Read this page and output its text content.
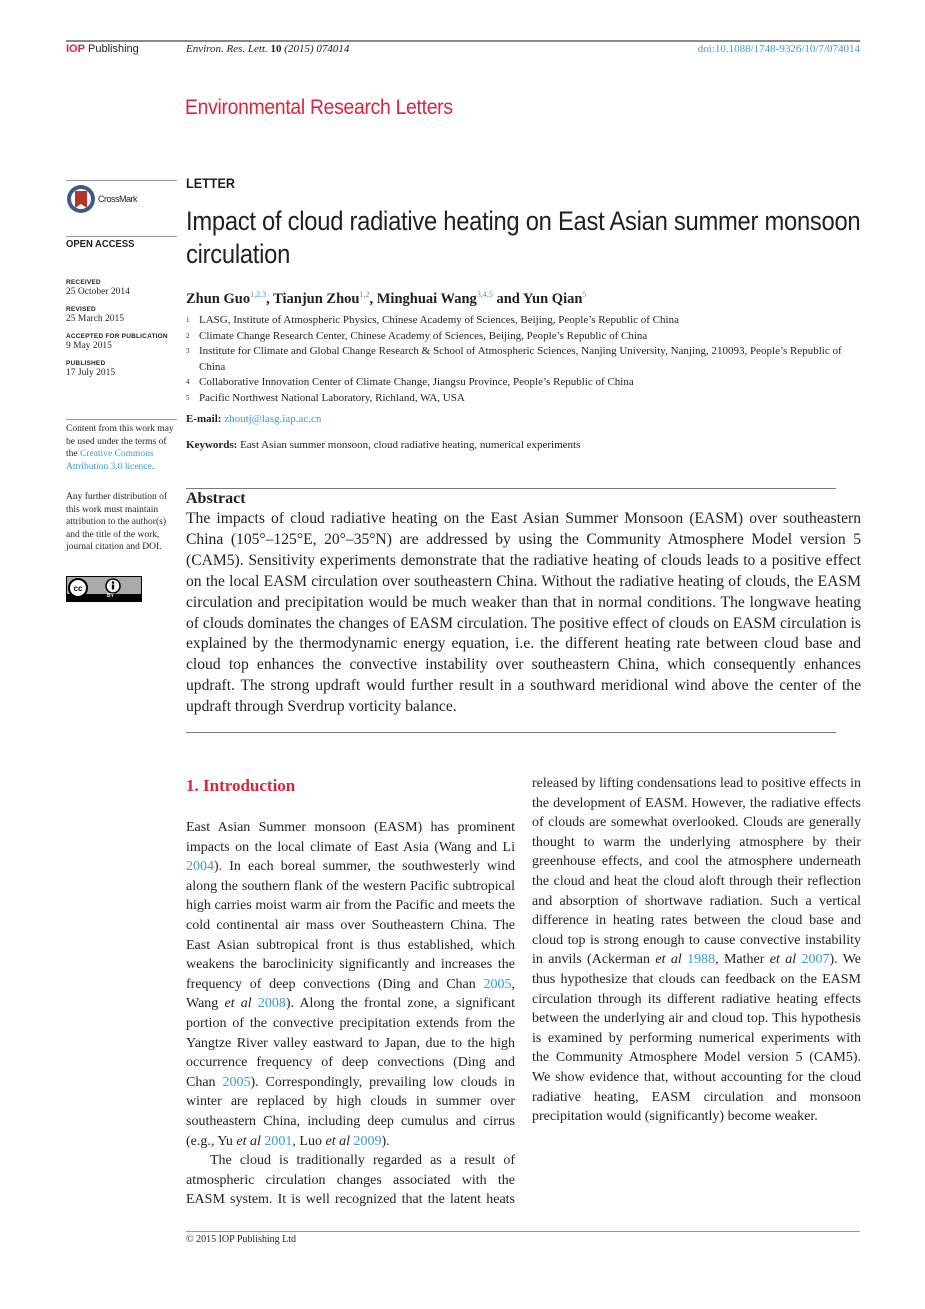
IOP Publishing	Environ. Res. Lett. 10 (2015) 074014	doi:10.1088/1748-9326/10/7/074014
Environmental Research Letters
CrossMark
OPEN ACCESS
RECEIVED
25 October 2014
REVISED
25 March 2015
ACCEPTED FOR PUBLICATION
9 May 2015
PUBLISHED
17 July 2015
Content from this work may be used under the terms of the Creative Commons Attribution 3.0 licence.
Any further distribution of this work must maintain attribution to the author(s) and the title of the work, journal citation and DOI.
cc
BY
LETTER
Impact of cloud radiative heating on East Asian summer monsoon circulation
Zhun Guo$^{1,2,3}$, Tianjun Zhou$^{1,2}$, Minghuai Wang$^{3,4,5}$ and Yun Qian$^5$
1 LASG, Institute of Atmospheric Physics, Chinese Academy of Sciences, Beijing, People’s Republic of China
2 Climate Change Research Center, Chinese Academy of Sciences, Beijing, People’s Republic of China
3 Institute for Climate and Global Change Research & School of Atmospheric Sciences, Nanjing University, Nanjing, 210093, People’s Republic of China
4 Collaborative Innovation Center of Climate Change, Jiangsu Province, People’s Republic of China
5 Pacific Northwest National Laboratory, Richland, WA, USA
E-mail: zhoutj@lasg.iap.ac.cn
Keywords: East Asian summer monsoon, cloud radiative heating, numerical experiments
Abstract

The impacts of cloud radiative heating on the East Asian Summer Monsoon (EASM) over southeastern China (105°–125°E, 20°–35°N) are addressed by using the Community Atmosphere Model version 5 (CAM5). Sensitivity experiments demonstrate that the radiative heating of clouds leads to a positive effect on the local EASM circulation over southeastern China. Without the radiative heating of clouds, the EASM circulation and precipitation would be much weaker than that in normal conditions. The longwave heating of clouds dominates the changes of EASM circulation. The positive effect of clouds on EASM circulation is explained by the thermodynamic energy equation, i.e. the different heating rate between cloud base and cloud top enhances the convective instability over southeastern China, which consequently enhances updraft. The strong updraft would further result in a southward meridional wind above the center of the updraft through Sverdrup vorticity balance.

1. Introduction

East Asian Summer monsoon (EASM) has prominent impacts on the local climate of East Asia (Wang and Li 2004). In each boreal summer, the southwesterly wind along the southern flank of the western Pacific subtropical high carries moist warm air from the Pacific and meets the cold continental air mass over Southeastern China. The East Asian subtropical front is thus established, which weakens the baroclinicity significantly and increases the frequency of deep convections (Ding and Chan 2005, Wang et al 2008). Along the frontal zone, a significant portion of the convective precipitation extends from the Yangtze River valley eastward to Japan, due to the high occurrence frequency of deep convections (Ding and Chan 2005). Correspondingly, prevailing low clouds in winter are replaced by high clouds in summer over southeastern China, including deep cumulus and cirrus (e.g., Yu et al 2001, Luo et al 2009).

The cloud is traditionally regarded as a result of atmospheric circulation changes associated with the EASM system. It is well recognized that the latent heats released by lifting condensations lead to positive effects in the development of EASM. However, the radiative effects of clouds are somewhat overlooked. Clouds are generally thought to warm the underlying atmosphere by their greenhouse effects, and cool the atmosphere underneath the cloud and heat the cloud aloft through their reflection and absorption of shortwave radiation. Such a vertical difference in heating rates between the cloud base and cloud top is strong enough to cause convective instability in anvils (Ackerman et al 1988, Mather et al 2007). We thus hypothesize that clouds can feedback on the EASM circulation through its different radiative heating effects between the underlying air and cloud top. This hypothesis is examined by performing numerical experiments with the Community Atmosphere Model version 5 (CAM5). We show evidence that, without accounting for the cloud radiative heating, EASM circulation and monsoon precipitation would (significantly) become weaker.

© 2015 IOP Publishing Ltd
